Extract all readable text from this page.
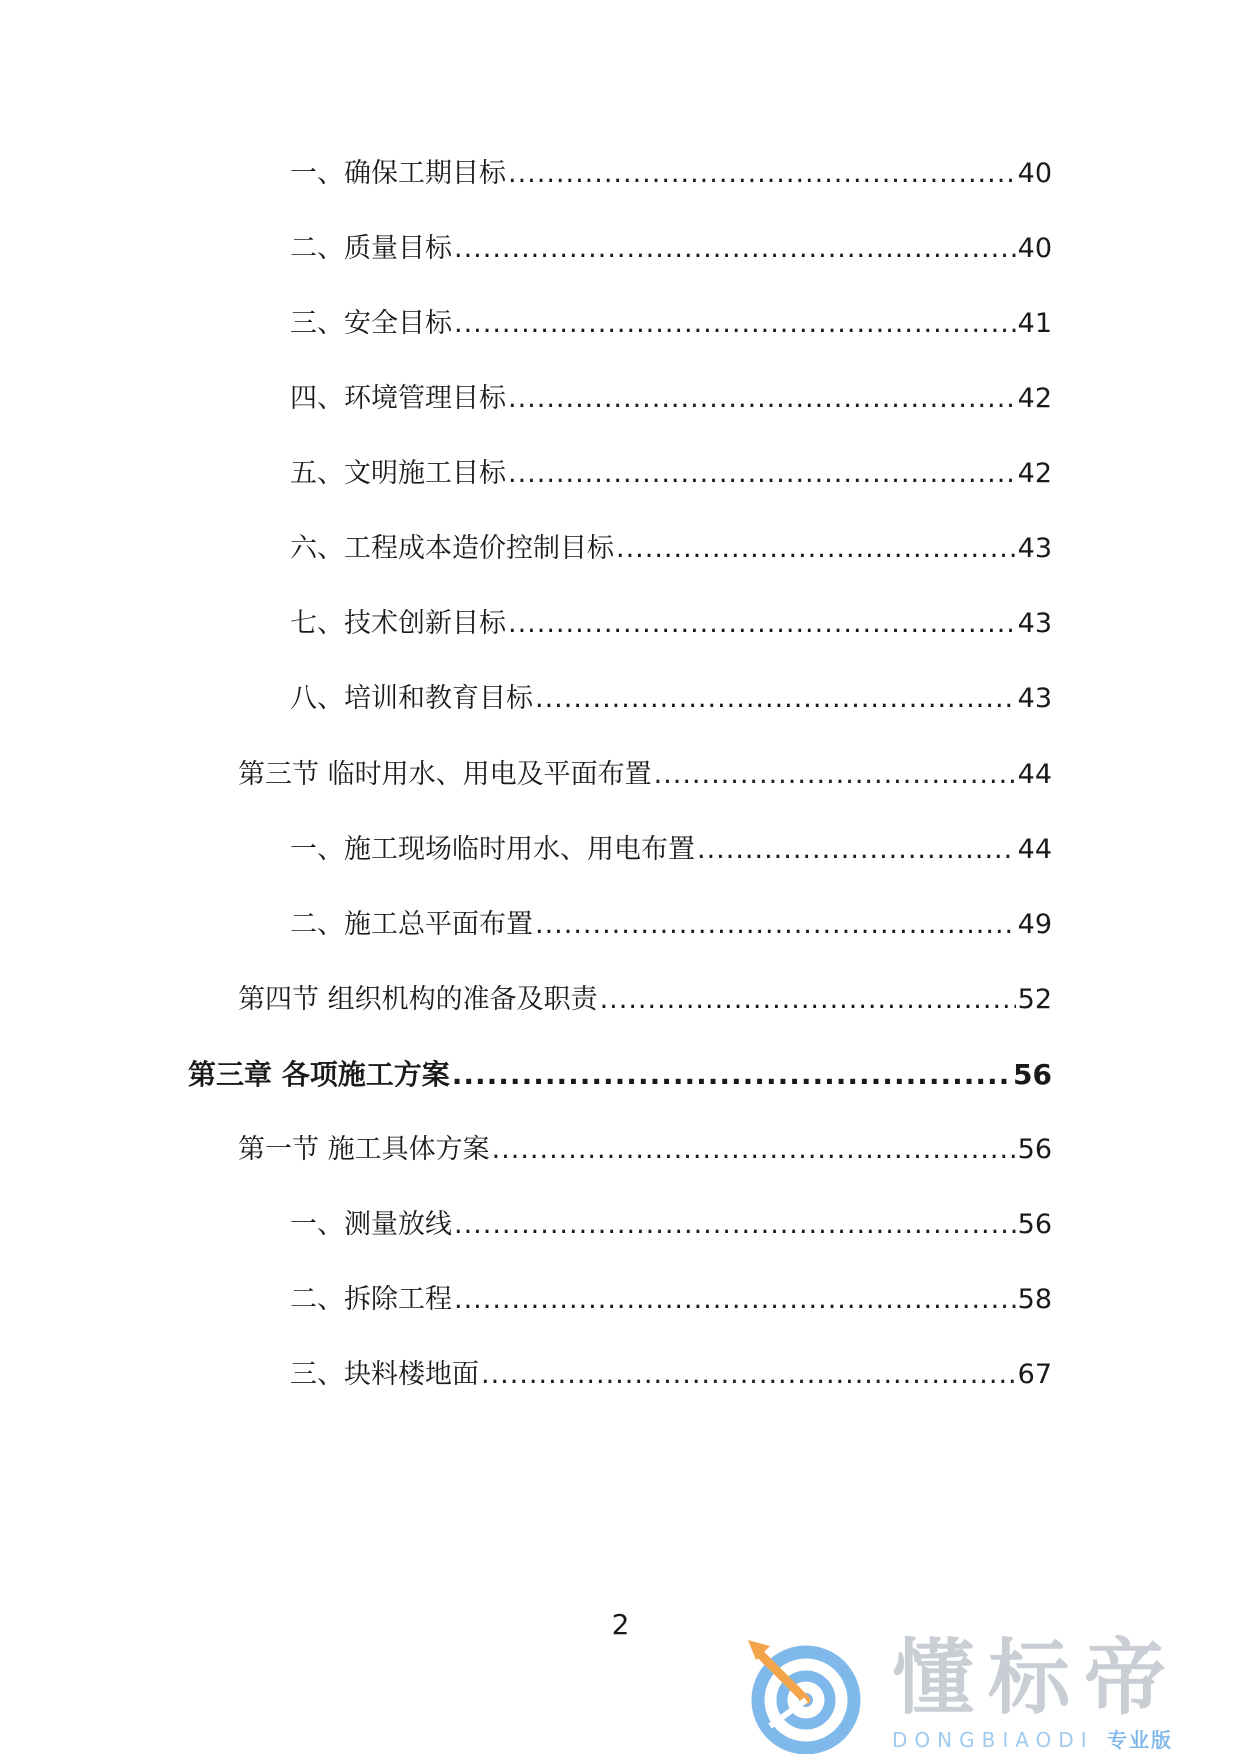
一、确保工期目标 .....	40
二、质量目标 .....	40
三、安全目标 .....	41
四、环境管理目标 .....	42
五、文明施工目标 .....	42
六、工程成本造价控制目标 .....	43
七、技术创新目标 .....	43
八、培训和教育目标 .....	43
第三节 临时用水、用电及平面布置 .....	44
一、施工现场临时用水、用电布置 .....	44
二、施工总平面布置 .....	49
第四节 组织机构的准备及职责 .....	52
第三章 各项施工方案 .....	56
第一节 施工具体方案 .....	56
一、测量放线 .....	56
二、拆除工程 .....	58
三、块料楼地面 .....	67
2
懂标帝
DONGBIAODI 专业版
